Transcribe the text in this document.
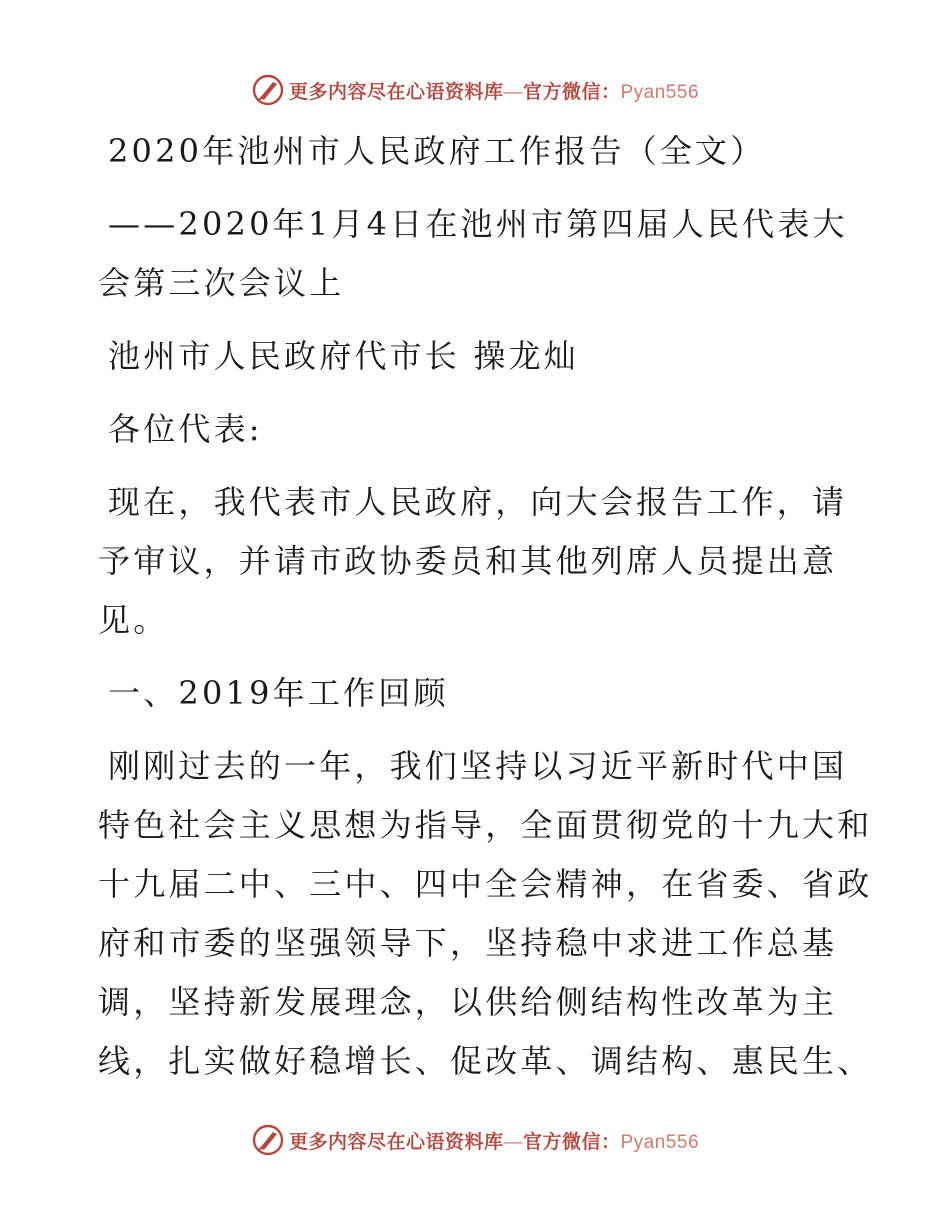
更多内容尽在心语资料库—官方微信：Pyan556
2020年池州市人民政府工作报告（全文）
——2020年1月4日在池州市第四届人民代表大
会第三次会议上
池州市人民政府代市长 操龙灿
各位代表:
现在，我代表市人民政府，向大会报告工作，请
予审议，并请市政协委员和其他列席人员提出意
见。
一、2019年工作回顾
刚刚过去的一年，我们坚持以习近平新时代中国
特色社会主义思想为指导，全面贯彻党的十九大和
十九届二中、三中、四中全会精神，在省委、省政
府和市委的坚强领导下，坚持稳中求进工作总基
调，坚持新发展理念，以供给侧结构性改革为主
线，扎实做好稳增长、促改革、调结构、惠民生、
更多内容尽在心语资料库—官方微信：Pyan556
